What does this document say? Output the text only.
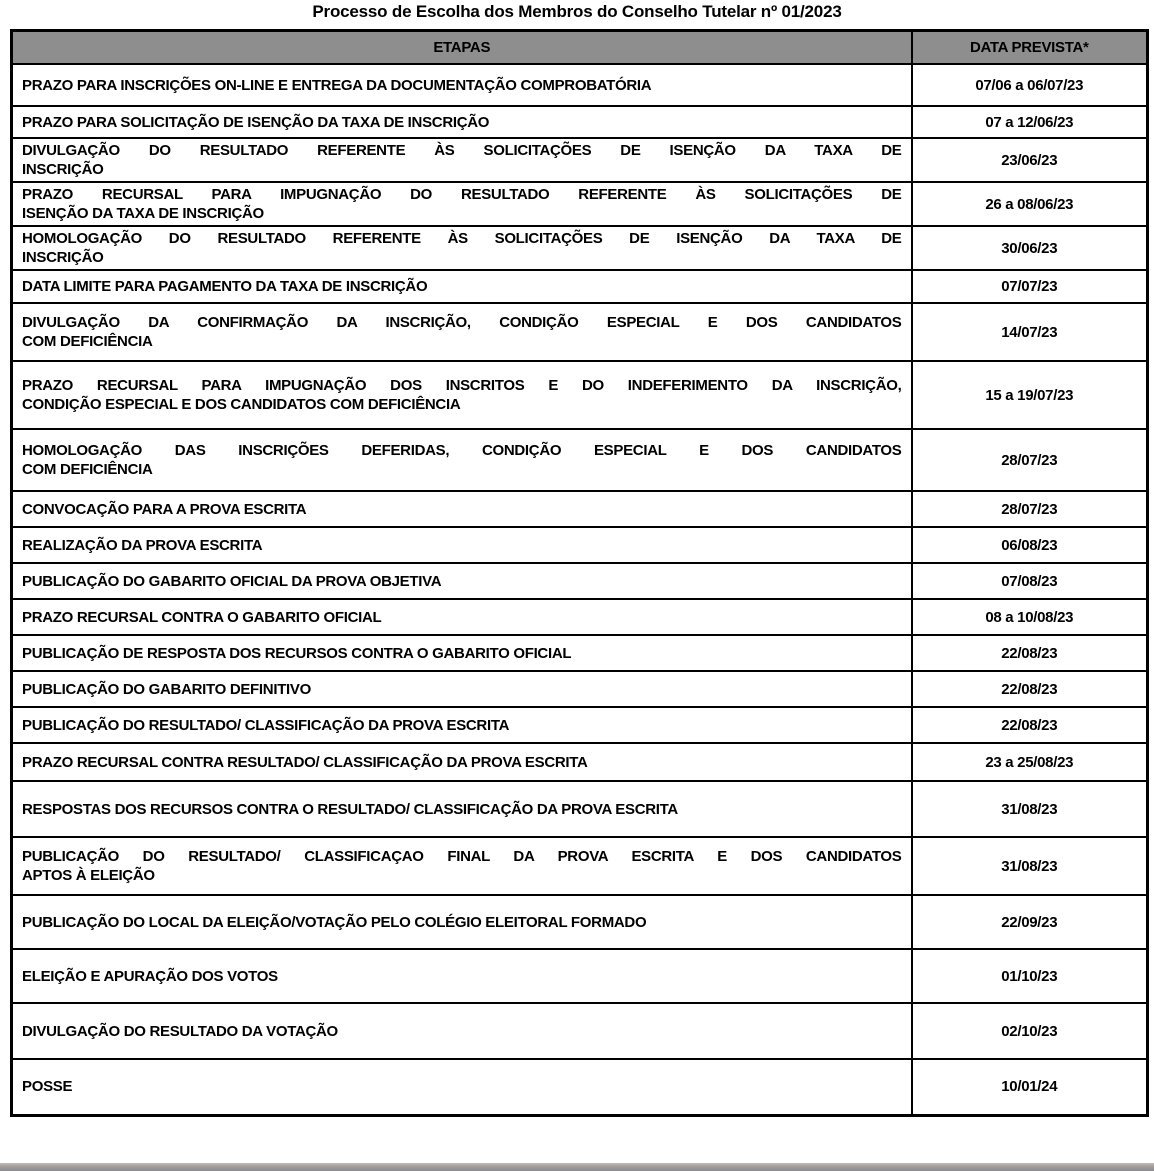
Processo de Escolha dos Membros do Conselho Tutelar nº 01/2023
ETAPAS	DATA PREVISTA*

PRAZO PARA INSCRIÇÕES ON-LINE E ENTREGA DA DOCUMENTAÇÃO COMPROBATÓRIA	07/06 a 06/07/23

PRAZO PARA SOLICITAÇÃO DE ISENÇÃO DA TAXA DE INSCRIÇÃO	07 a 12/06/23

DIVULGAÇÃO DO RESULTADO REFERENTE ÀS SOLICITAÇÕES DE ISENÇÃO DA TAXA DE
INSCRIÇÃO	23/06/23

PRAZO RECURSAL PARA IMPUGNAÇÃO DO RESULTADO REFERENTE ÀS SOLICITAÇÕES DE
ISENÇÃO DA TAXA DE INSCRIÇÃO	26 a 08/06/23

HOMOLOGAÇÃO DO RESULTADO REFERENTE ÀS SOLICITAÇÕES DE ISENÇÃO DA TAXA DE
INSCRIÇÃO	30/06/23

DATA LIMITE PARA PAGAMENTO DA TAXA DE INSCRIÇÃO	07/07/23

DIVULGAÇÃO DA CONFIRMAÇÃO DA INSCRIÇÃO, CONDIÇÃO ESPECIAL E DOS CANDIDATOS
COM DEFICIÊNCIA	14/07/23

PRAZO RECURSAL PARA IMPUGNAÇÃO DOS INSCRITOS E DO INDEFERIMENTO DA INSCRIÇÃO,
CONDIÇÃO ESPECIAL E DOS CANDIDATOS COM DEFICIÊNCIA	15 a 19/07/23

HOMOLOGAÇÃO DAS INSCRIÇÕES DEFERIDAS, CONDIÇÃO ESPECIAL E DOS CANDIDATOS
COM DEFICIÊNCIA	28/07/23

CONVOCAÇÃO PARA A PROVA ESCRITA	28/07/23

REALIZAÇÃO DA PROVA ESCRITA	06/08/23

PUBLICAÇÃO DO GABARITO OFICIAL DA PROVA OBJETIVA	07/08/23

PRAZO RECURSAL CONTRA O GABARITO OFICIAL	08 a 10/08/23

PUBLICAÇÃO DE RESPOSTA DOS RECURSOS CONTRA O GABARITO OFICIAL	22/08/23

PUBLICAÇÃO DO GABARITO DEFINITIVO	22/08/23

PUBLICAÇÃO DO RESULTADO/ CLASSIFICAÇÃO DA PROVA ESCRITA	22/08/23

PRAZO RECURSAL CONTRA RESULTADO/ CLASSIFICAÇÃO DA PROVA ESCRITA	23 a 25/08/23

RESPOSTAS DOS RECURSOS CONTRA O RESULTADO/ CLASSIFICAÇÃO DA PROVA ESCRITA	31/08/23

PUBLICAÇÃO DO RESULTADO/ CLASSIFICAÇAO FINAL DA PROVA ESCRITA E DOS CANDIDATOS
APTOS À ELEIÇÃO	31/08/23

PUBLICAÇÃO DO LOCAL DA ELEIÇÃO/VOTAÇÃO PELO COLÉGIO ELEITORAL FORMADO	22/09/23

ELEIÇÃO E APURAÇÃO DOS VOTOS	01/10/23

DIVULGAÇÃO DO RESULTADO DA VOTAÇÃO	02/10/23

POSSE	10/01/24
